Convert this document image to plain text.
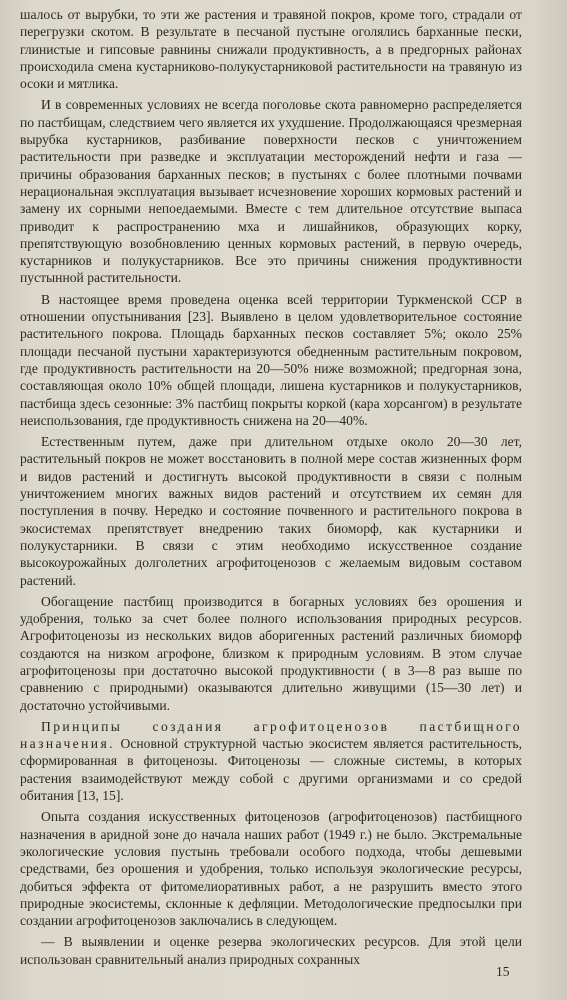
шалось от вырубки, то эти же растения и травяной покров, кроме того, страдали от перегрузки скотом. В результате в песчаной пустыне оголялись барханные пески, глинистые и гипсовые равнины снижали продуктивность, а в предгорных районах происходила смена кустарниково-полукустарниковой растительности на травяную из осоки и мятлика.

И в современных условиях не всегда поголовье скота равномерно распределяется по пастбищам, следствием чего является их ухудшение. Продолжающаяся чрезмерная вырубка кустарников, разбивание поверхности песков с уничтожением растительности при разведке и эксплуатации месторождений нефти и газа — причины образования барханных песков; в пустынях с более плотными почвами нерациональная эксплуатация вызывает исчезновение хороших кормовых растений и замену их сорными непоедаемыми. Вместе с тем длительное отсутствие выпаса приводит к распространению мха и лишайников, образующих корку, препятствующую возобновлению ценных кормовых растений, в первую очередь, кустарников и полукустарников. Все это причины снижения продуктивности пустынной растительности.

В настоящее время проведена оценка всей территории Туркменской ССР в отношении опустынивания [23]. Выявлено в целом удовлетворительное состояние растительного покрова. Площадь барханных песков составляет 5%; около 25% площади песчаной пустыни характеризуются обедненным растительным покровом, где продуктивность растительности на 20—50% ниже возможной; предгорная зона, составляющая около 10% общей площади, лишена кустарников и полукустарников, пастбища здесь сезонные: 3% пастбищ покрыты коркой (кара хорсангом) в результате неиспользования, где продуктивность снижена на 20—40%.

Естественным путем, даже при длительном отдыхе около 20—30 лет, растительный покров не может восстановить в полной мере состав жизненных форм и видов растений и достигнуть высокой продуктивности в связи с полным уничтожением многих важных видов растений и отсутствием их семян для поступления в почву. Нередко и состояние почвенного и растительного покрова в экосистемах препятствует внедрению таких биоморф, как кустарники и полукустарники. В связи с этим необходимо искусственное создание высокоурожайных долголетних агрофитоценозов с желаемым видовым составом растений.

Обогащение пастбищ производится в богарных условиях без орошения и удобрения, только за счет более полного использования природных ресурсов. Агрофитоценозы из нескольких видов аборигенных растений различных биоморф создаются на низком агрофоне, близком к природным условиям. В этом случае агрофитоценозы при достаточно высокой продуктивности ( в 3—8 раз выше по сравнению с природными) оказываются длительно живущими (15—30 лет) и достаточно устойчивыми.

Принципы создания агрофитоценозов пастбищного назначения. Основной структурной частью экосистем является растительность, сформированная в фитоценозы. Фитоценозы — сложные системы, в которых растения взаимодействуют между собой с другими организмами и со средой обитания [13, 15].

Опыта создания искусственных фитоценозов (агрофитоценозов) пастбищного назначения в аридной зоне до начала наших работ (1949 г.) не было. Экстремальные экологические условия пустынь требовали особого подхода, чтобы дешевыми средствами, без орошения и удобрения, только используя экологические ресурсы, добиться эффекта от фитомелиоративных работ, а не разрушить вместо этого природные экосистемы, склонные к дефляции. Методологические предпосылки при создании агрофитоценозов заключались в следующем.

— В выявлении и оценке резерва экологических ресурсов. Для этой цели использован сравнительный анализ природных сохранных

15
